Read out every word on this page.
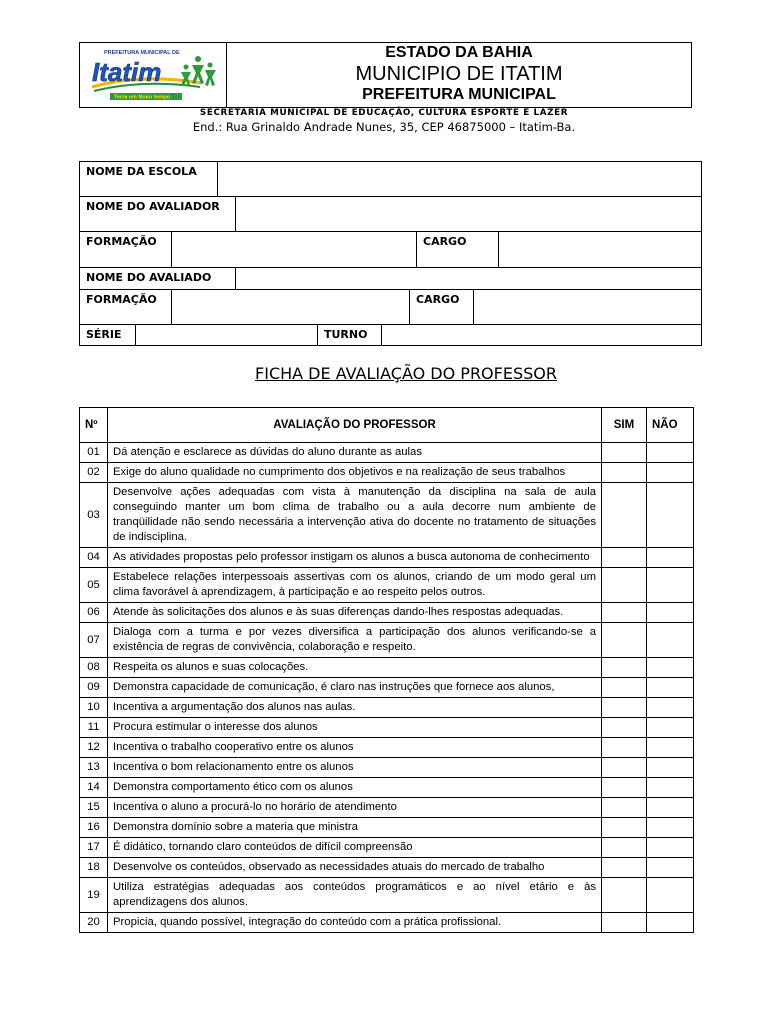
PREFEITURA MUNICIPAL DE
Itatim
Terra em Novo tempo
ESTADO DA BAHIA
MUNICIPIO DE ITATIM
PREFEITURA MUNICIPAL
SECRETARIA MUNICIPAL DE EDUCAÇÃO, CULTURA ESPORTE E LAZER
End.: Rua Grinaldo Andrade Nunes, 35, CEP 46875000 – Itatim-Ba.
NOME DA ESCOLA
NOME DO AVALIADOR
FORMAÇÃO	CARGO
NOME DO AVALIADO
FORMAÇÃO	CARGO
SÉRIE	TURNO
FICHA DE AVALIAÇÃO DO PROFESSOR
Nº	AVALIAÇÃO DO PROFESSOR	SIM	NÃO
01	Dá atenção e esclarece as dúvidas do aluno durante as aulas		
02	Exige do aluno qualidade no cumprimento dos objetivos e na realização de seus trabalhos		
03	Desenvolve ações adequadas com vista à manutenção da disciplina na sala de aula conseguindo manter um bom clima de trabalho ou a aula decorre num ambiente de tranqüilidade não sendo necessária a intervenção ativa do docente no tratamento de situações de indisciplina.		
04	As atividades propostas pelo professor instigam os alunos a busca autonoma de conhecimento		
05	Estabelece relações interpessoais assertivas com os alunos, criando de um modo geral um clima favorável à aprendizagem, à participação e ao respeito pelos outros.		
06	Atende às solicitações dos alunos e às suas diferenças dando-lhes respostas adequadas.		
07	Dialoga com a turma e por vezes diversifica a participação dos alunos verificando-se a existência de regras de convivência, colaboração e respeito.		
08	Respeita os alunos e suas colocações.		
09	Demonstra capacidade de comunicação, é claro nas instruções que fornece aos alunos,		
10	Incentiva a argumentação dos alunos nas aulas.		
11	Procura estimular o interesse dos alunos		
12	Incentiva o trabalho cooperativo entre os alunos		
13	Incentiva o bom relacionamento entre os alunos		
14	Demonstra comportamento ético com os alunos		
15	Incentiva o aluno a procurá-lo no horário de atendimento		
16	Demonstra domínio sobre a materia que ministra		
17	É didático, tornando claro conteúdos de difícil compreensão		
18	Desenvolve os conteúdos, observado as necessidades atuais do mercado de trabalho		
19	Utiliza estratégias adequadas aos conteúdos programáticos e ao nível etário e às aprendizagens dos alunos.		
20	Propicia, quando possível, integração do conteúdo com a prática profissional.		
